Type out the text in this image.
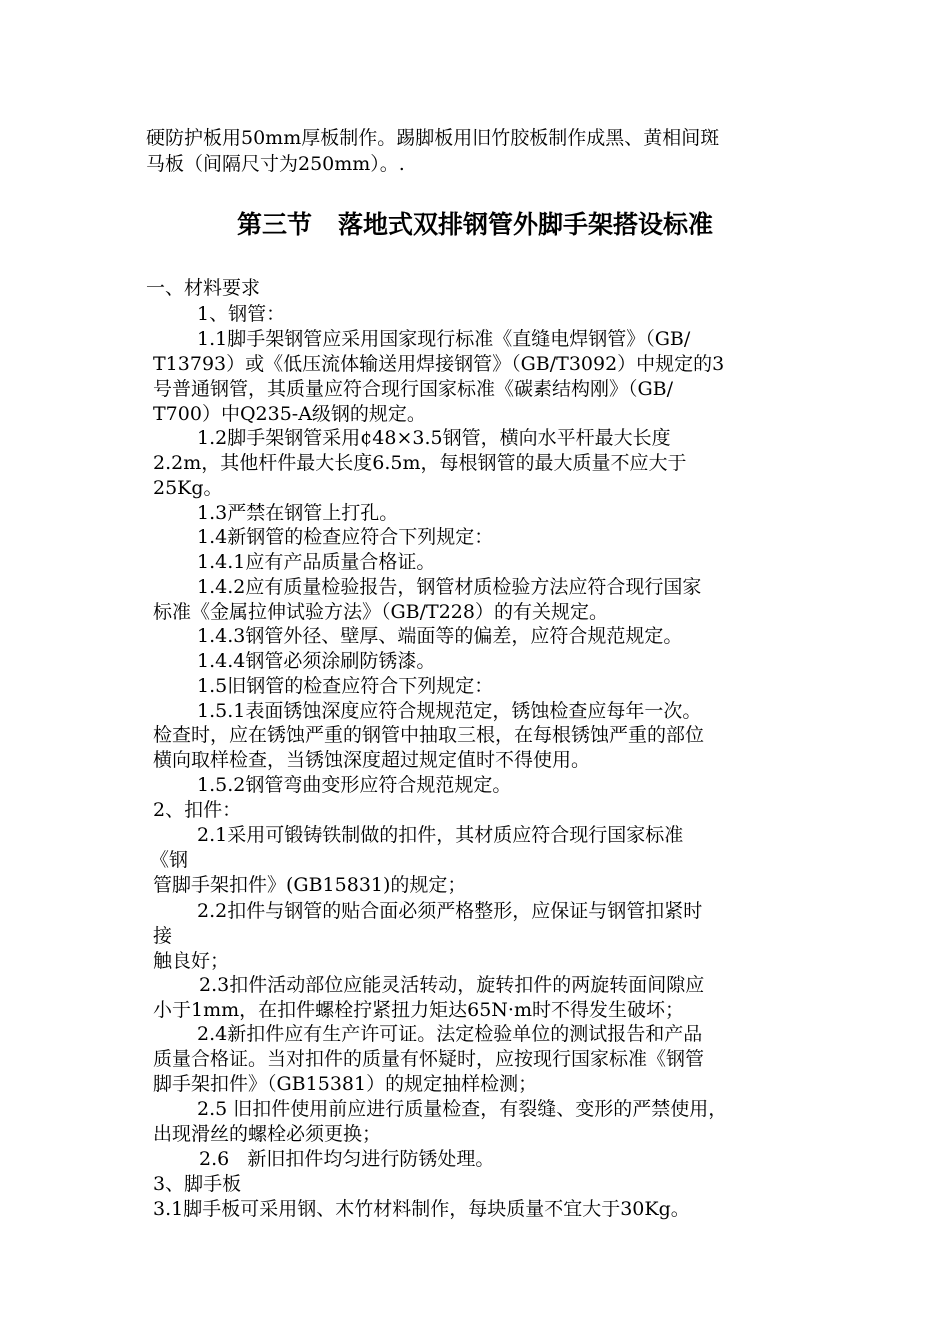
硬防护板用50mm厚板制作。踢脚板用旧竹胶板制作成黑、黄相间斑
马板（间隔尺寸为250mm）。.
第三节   落地式双排钢管外脚手架搭设标准
一、材料要求
1、钢管：
1.1脚手架钢管应采用国家现行标准《直缝电焊钢管》（GB/
T13793）或《低压流体输送用焊接钢管》（GB/T3092）中规定的3
号普通钢管，其质量应符合现行国家标准《碳素结构刚》（GB/
T700）中Q235-A级钢的规定。
1.2脚手架钢管采用¢48×3.5钢管，横向水平杆最大长度
2.2m，其他杆件最大长度6.5m，每根钢管的最大质量不应大于
25Kg。
1.3严禁在钢管上打孔。
1.4新钢管的检查应符合下列规定：
1.4.1应有产品质量合格证。
1.4.2应有质量检验报告，钢管材质检验方法应符合现行国家
标准《金属拉伸试验方法》（GB/T228）的有关规定。
1.4.3钢管外径、壁厚、端面等的偏差，应符合规范规定。
1.4.4钢管必须涂刷防锈漆。
1.5旧钢管的检查应符合下列规定：
1.5.1表面锈蚀深度应符合规规范定，锈蚀检查应每年一次。
检查时，应在锈蚀严重的钢管中抽取三根，在每根锈蚀严重的部位
横向取样检查，当锈蚀深度超过规定值时不得使用。
1.5.2钢管弯曲变形应符合规范规定。
2、扣件：
2.1采用可锻铸铁制做的扣件，其材质应符合现行国家标准
《钢
管脚手架扣件》(GB15831)的规定；
2.2扣件与钢管的贴合面必须严格整形，应保证与钢管扣紧时
接
触良好；
2.3扣件活动部位应能灵活转动，旋转扣件的两旋转面间隙应
小于1mm，在扣件螺栓拧紧扭力矩达65N·m时不得发生破坏；
2.4新扣件应有生产许可证。法定检验单位的测试报告和产品
质量合格证。当对扣件的质量有怀疑时，应按现行国家标准《钢管
脚手架扣件》（GB15381）的规定抽样检测；
2.5 旧扣件使用前应进行质量检查，有裂缝、变形的严禁使用，
出现滑丝的螺栓必须更换；
2.6   新旧扣件均匀进行防锈处理。
3、脚手板
3.1脚手板可采用钢、木竹材料制作，每块质量不宜大于30Kg。
